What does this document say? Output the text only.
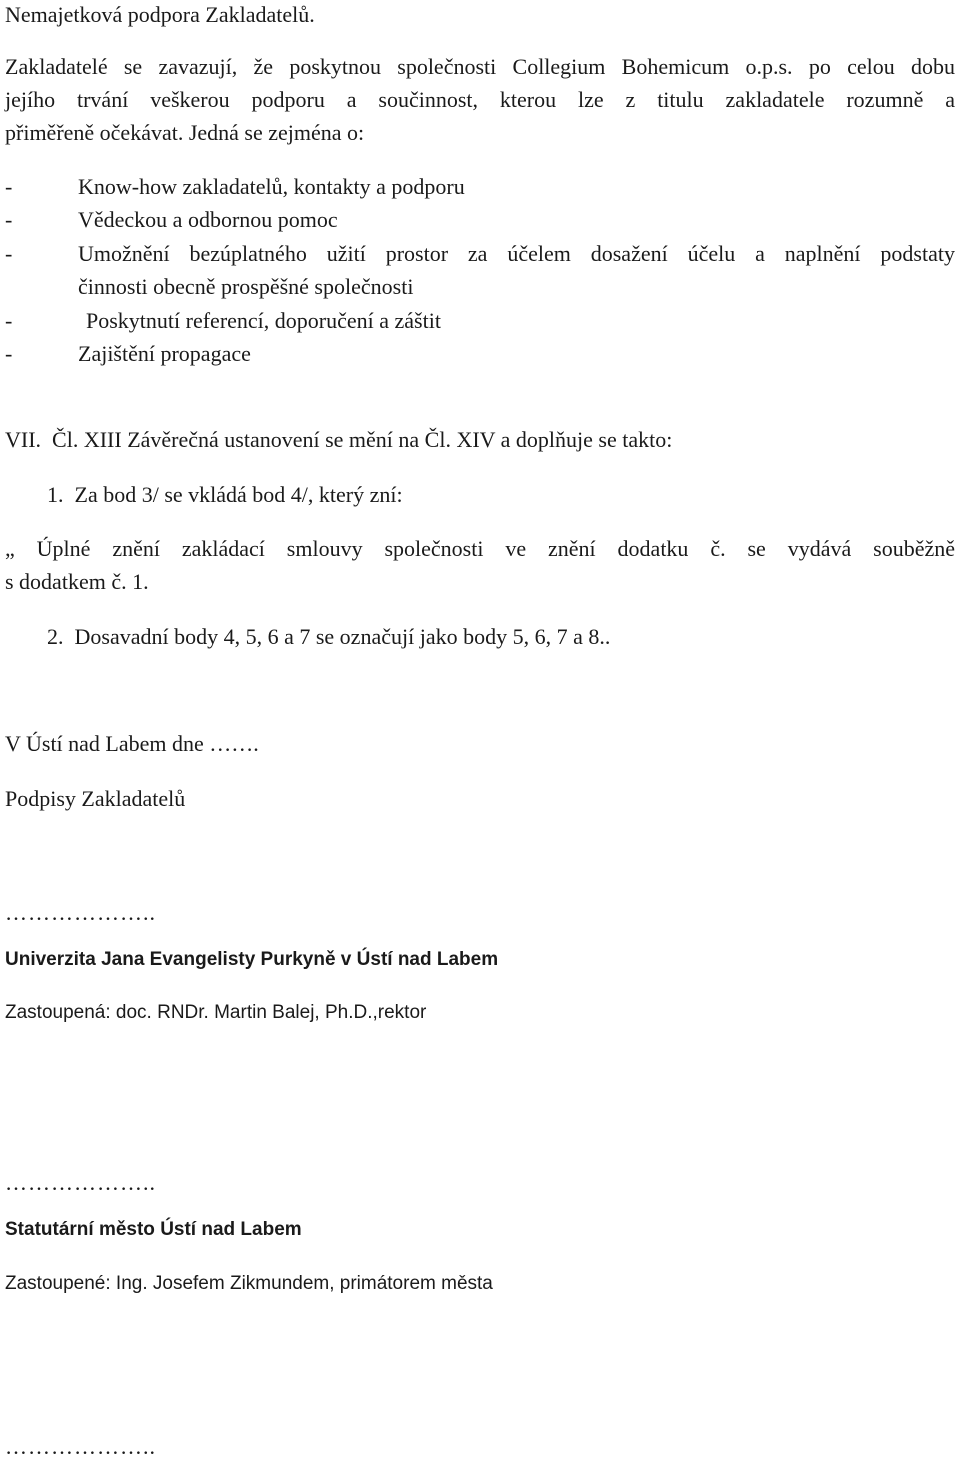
Nemajetková podpora Zakladatelů.
Zakladatelé se zavazují, že poskytnou společnosti Collegium Bohemicum o.p.s. po celou dobu
jejího trvání veškerou podporu a součinnost, kterou lze z titulu zakladatele rozumně a
přiměřeně očekávat. Jedná se zejména o:
-	Know-how zakladatelů, kontakty a podporu
-	Vědeckou a odbornou pomoc
-	Umožnění bezúplatného užití prostor za účelem dosažení účelu a naplnění podstaty
činnosti obecně prospěšné společnosti
-	Poskytnutí referencí, doporučení a záštit
-	Zajištění propagace
VII.  Čl. XIII Závěrečná ustanovení se mění na Čl. XIV a doplňuje se takto:
1.  Za bod 3/ se vkládá bod 4/, který zní:
„ Úplné znění zakládací smlouvy společnosti ve znění dodatku č. se vydává souběžně
s dodatkem č. 1.
2.  Dosavadní body 4, 5, 6 a 7 se označují jako body 5, 6, 7 a 8..
V Ústí nad Labem dne …….
Podpisy Zakladatelů
………………..
Univerzita Jana Evangelisty Purkyně v Ústí nad Labem
Zastoupená: doc. RNDr. Martin Balej, Ph.D.,rektor
………………..
Statutární město Ústí nad Labem
Zastoupené: Ing. Josefem Zikmundem, primátorem města
………………..
